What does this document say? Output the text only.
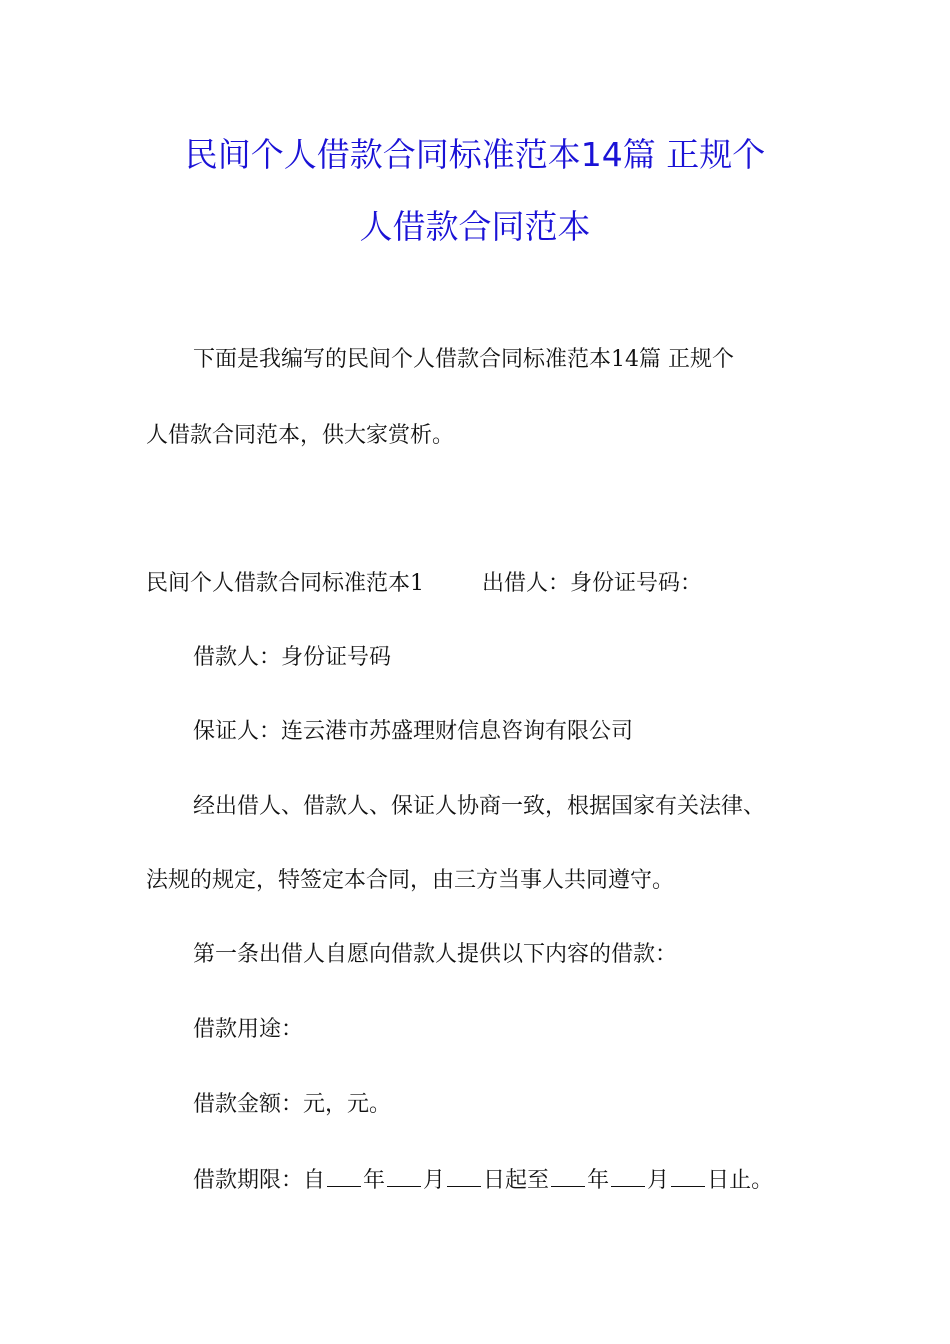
民间个人借款合同标准范本14篇 正规个
人借款合同范本
下面是我编写的民间个人借款合同标准范本14篇 正规个
人借款合同范本，供大家赏析。
民间个人借款合同标准范本1	出借人：身份证号码：
借款人：身份证号码
保证人：连云港市苏盛理财信息咨询有限公司
经出借人、借款人、保证人协商一致，根据国家有关法律、
法规的规定，特签定本合同，由三方当事人共同遵守。
第一条出借人自愿向借款人提供以下内容的借款：
借款用途：
借款金额：元，元。
借款期限：自 年 月 日起至 年 月 日止。
